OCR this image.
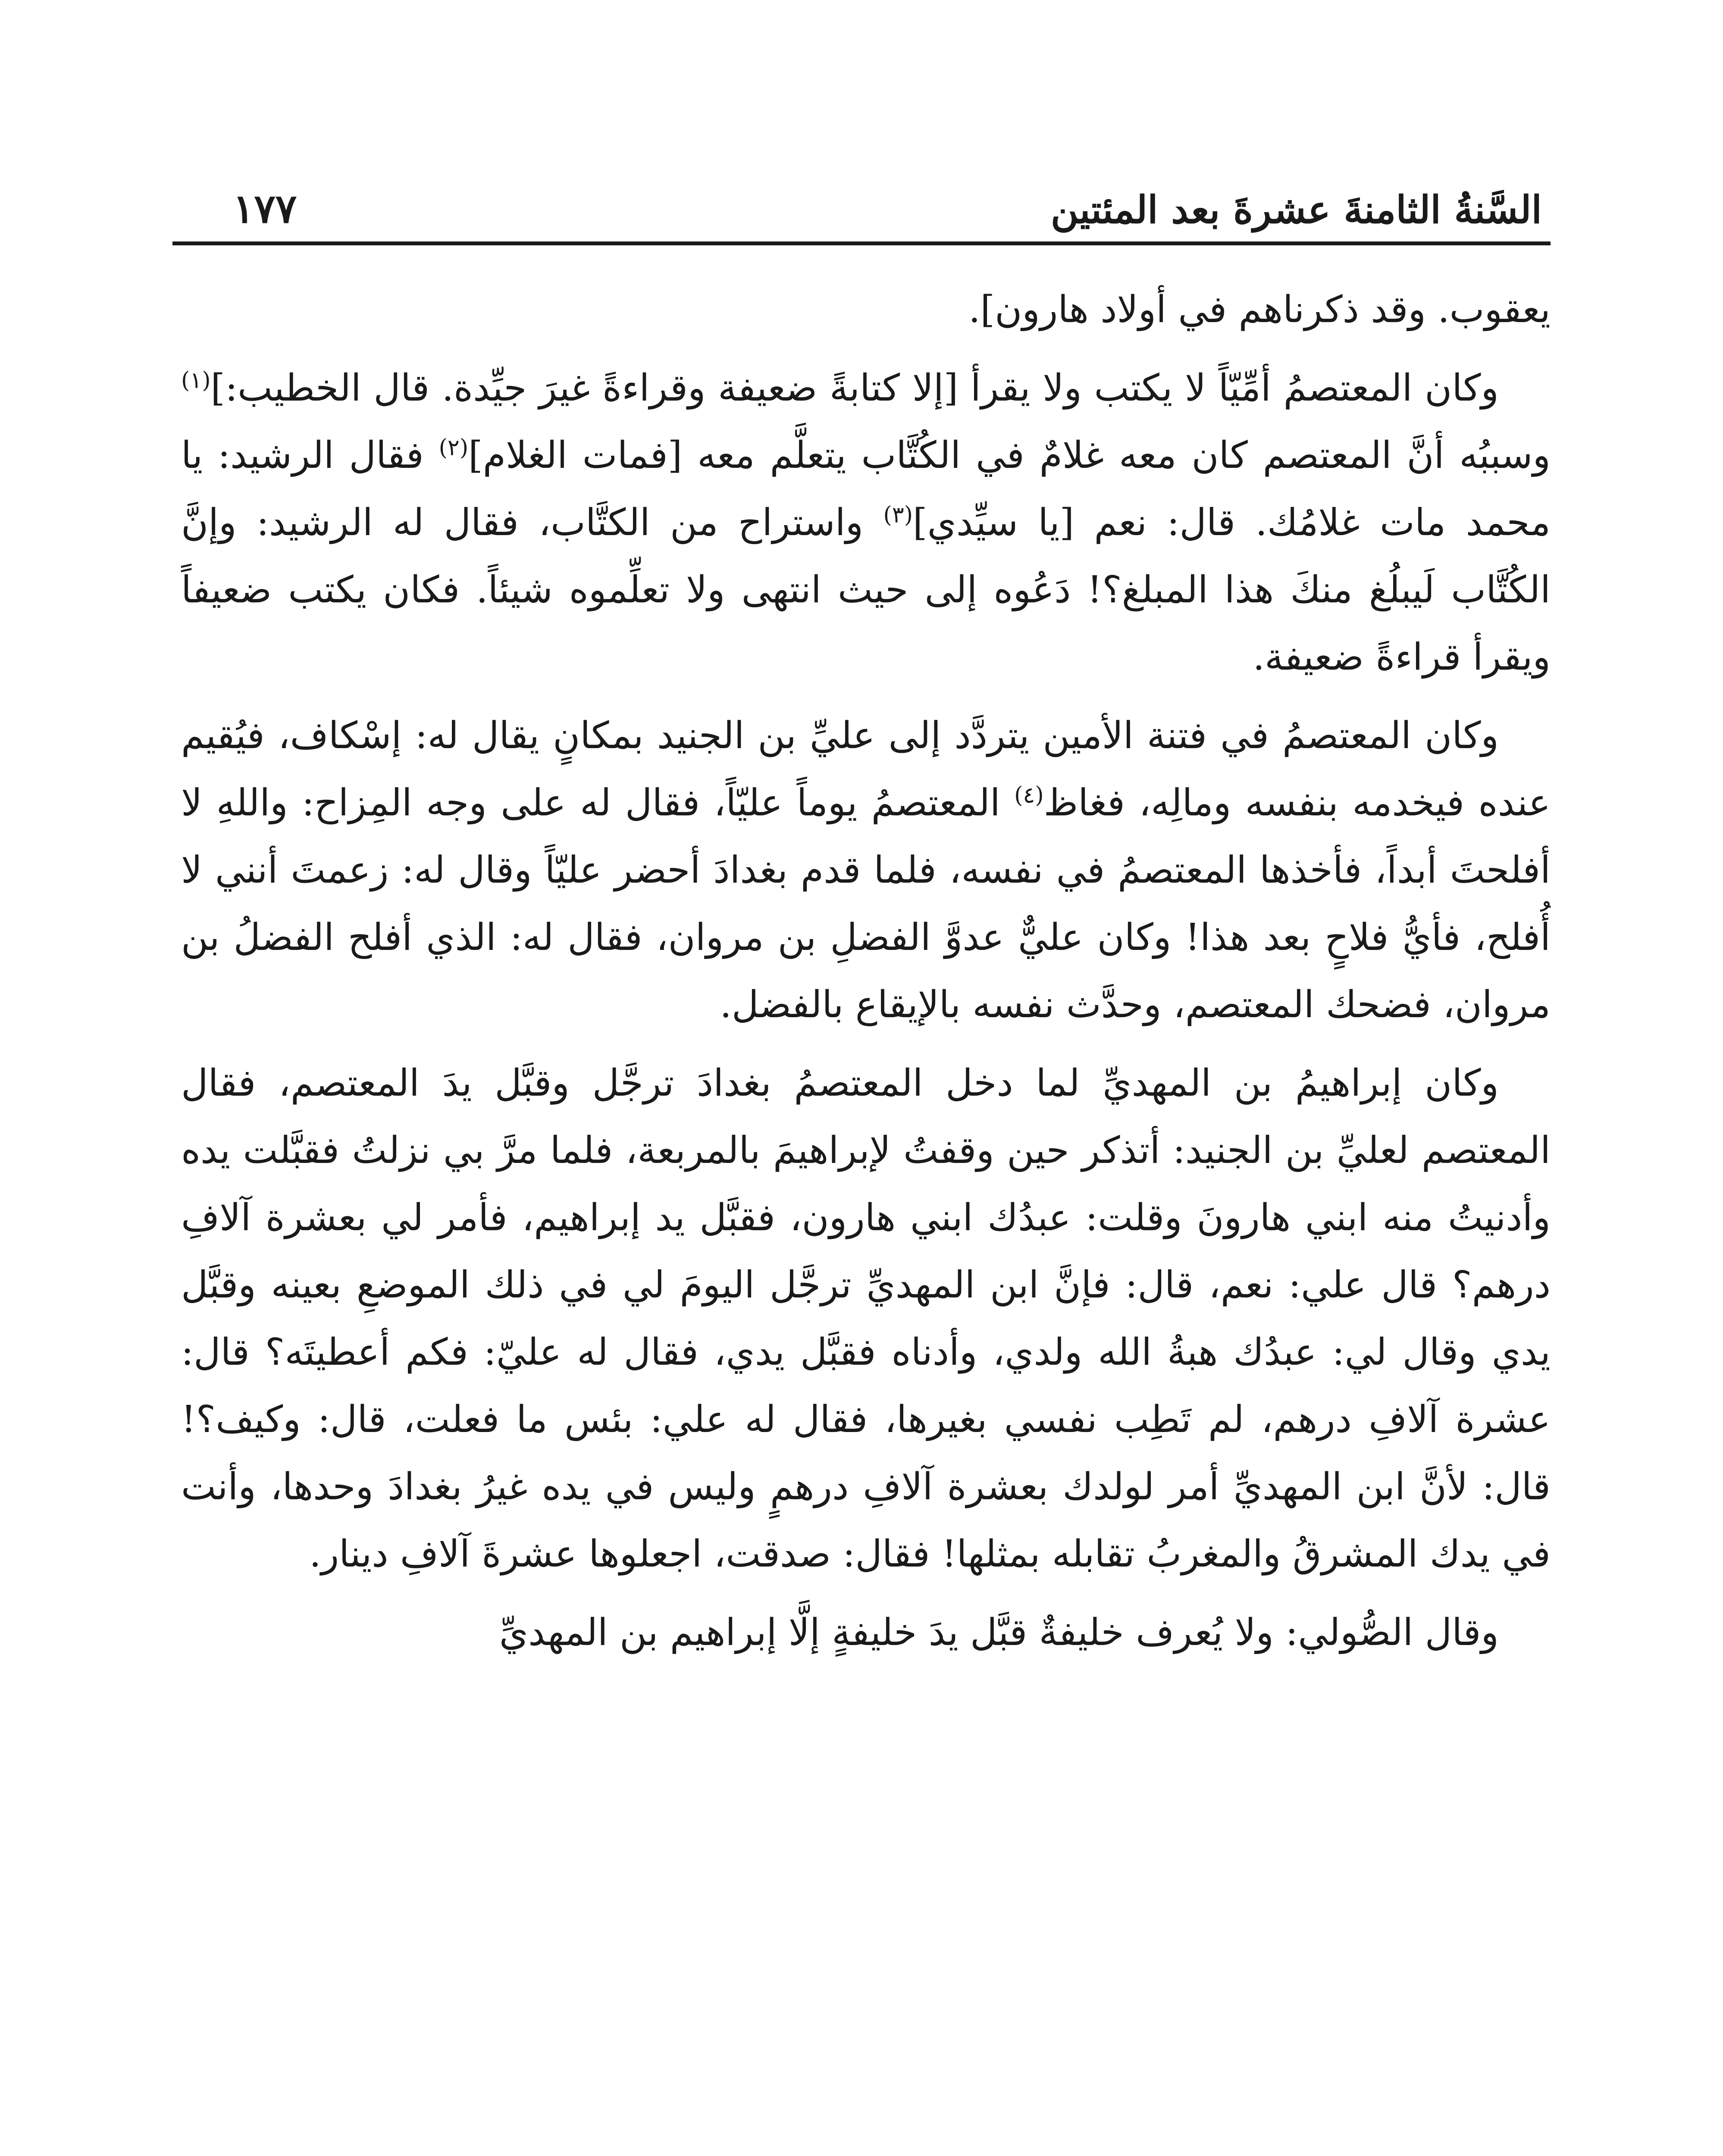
السَّنةُ الثامنةَ عشرةَ بعد المئتين
١٧٧

يعقوب. وقد ذكرناهم في أولاد هارون].

وكان المعتصمُ أمِّيّاً لا يكتب ولا يقرأ [إلا كتابةً ضعيفة وقراءةً غيرَ جيِّدة. قال الخطيب:]$^{(١)}$ وسببُه أنَّ المعتصم كان معه غلامٌ في الكُتَّاب يتعلَّم معه [فمات الغلام]$^{(٢)}$ فقال الرشيد: يا محمد مات غلامُك. قال: نعم [يا سيِّدي]$^{(٣)}$ واستراح من الكتَّاب، فقال له الرشيد: وإنَّ الكُتَّاب لَيبلُغ منكَ هذا المبلغ؟! دَعُوه إلى حيث انتهى ولا تعلِّموه شيئاً. فكان يكتب ضعيفاً ويقرأ قراءةً ضعيفة.

وكان المعتصمُ في فتنة الأمين يتردَّد إلى عليِّ بن الجنيد بمكانٍ يقال له: إسْكاف، فيُقيم عنده فيخدمه بنفسه ومالِه، فغاظ$^{(٤)}$ المعتصمُ يوماً عليّاً، فقال له على وجه المِزاح: واللهِ لا أفلحتَ أبداً، فأخذها المعتصمُ في نفسه، فلما قدم بغدادَ أحضر عليّاً وقال له: زعمتَ أنني لا أُفلح، فأيُّ فلاحٍ بعد هذا! وكان عليٌّ عدوَّ الفضلِ بن مروان، فقال له: الذي أفلح الفضلُ بن مروان، فضحك المعتصم، وحدَّث نفسه بالإيقاع بالفضل.

وكان إبراهيمُ بن المهديِّ لما دخل المعتصمُ بغدادَ ترجَّل وقبَّل يدَ المعتصم، فقال المعتصم لعليِّ بن الجنيد: أتذكر حين وقفتُ لإبراهيمَ بالمربعة، فلما مرَّ بي نزلتُ فقبَّلت يده وأدنيتُ منه ابني هارونَ وقلت: عبدُك ابني هارون، فقبَّل يد إبراهيم، فأمر لي بعشرة آلافِ درهم؟ قال علي: نعم، قال: فإنَّ ابن المهديِّ ترجَّل اليومَ لي في ذلك الموضعِ بعينه وقبَّل يدي وقال لي: عبدُك هبةُ الله ولدي، وأدناه فقبَّل يدي، فقال له عليّ: فكم أعطيتَه؟ قال: عشرة آلافِ درهم، لم تَطِب نفسي بغيرها، فقال له علي: بئس ما فعلت، قال: وكيف؟! قال: لأنَّ ابن المهديِّ أمر لولدك بعشرة آلافِ درهمٍ وليس في يده غيرُ بغدادَ وحدها، وأنت في يدك المشرقُ والمغربُ تقابله بمثلها! فقال: صدقت، اجعلوها عشرةَ آلافِ دينار.

وقال الصُّولي: ولا يُعرف خليفةٌ قبَّل يدَ خليفةٍ إلَّا إبراهيم بن المهديِّ
